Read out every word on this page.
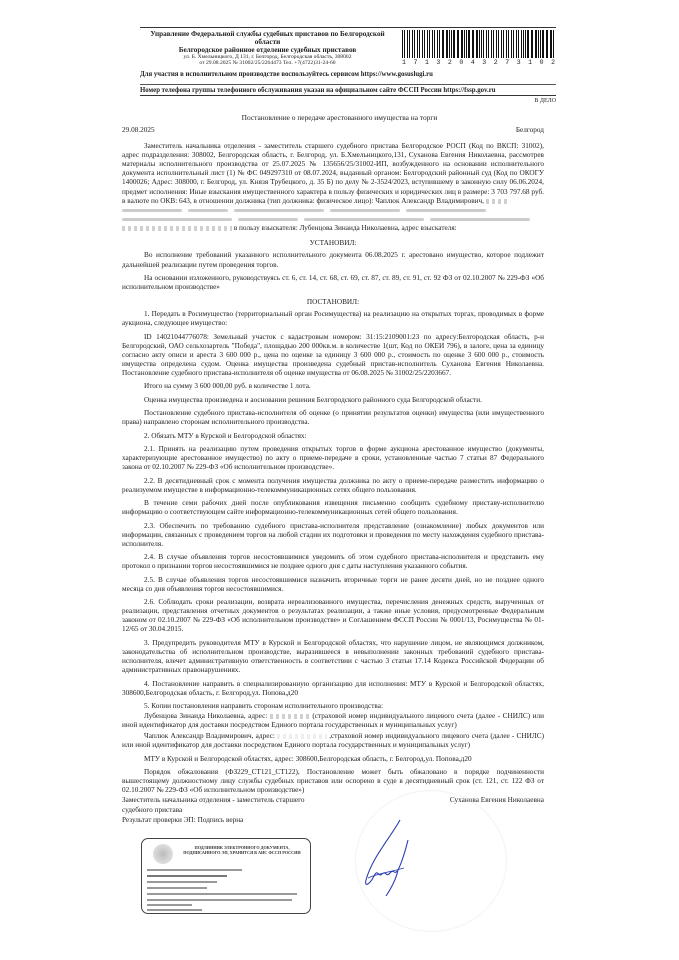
Управление Федеральной службы судебных приставов по Белгородской
области
Белгородское районное отделение судебных приставов
ул. Б. Хмельницкого, Д 131, г. Белгород, Белгородская область, 308002
от 29.08.2025 № 31002/25/2264473 Тел. +7(4722)31-24-60	1 7 1 3 2 0 4 3 2 7 3 1 0 2
Для участия в исполнительном производстве воспользуйтесь сервисом https://www.gosuslugi.ru
Номер телефона группы телефонного обслуживания указан на официальном сайте ФССП России https://fssp.gov.ru
В ДЕЛО
Постановление о передаче арестованного имущества на торги
29.08.2025	Белгород

Заместитель начальника отделения - заместитель старшего судебного пристава Белгородское РОСП (Код по ВКСП: 31002), адрес подразделения: 308002, Белгородская область, г. Белгород, ул. Б.Хмельницкого,131, Суханова Евгения Николаевна, рассмотрев материалы исполнительного производства от 25.07.2025 № 135656/25/31002-ИП, возбужденного на основании исполнительного документа исполнительный лист (1) № ФС 049297310 от 08.07.2024, выданный органом: Белгородский районный суд (Код по ОКОГУ 1400026; Адрес: 308000, г. Белгород, ул. Князя Трубецкого, д. 35 Б) по делу № 2-3524/2023, вступившему в законную силу 06.06.2024, предмет исполнения: Иные взыскания имущественного характера в пользу физических и юридических лиц в размере: 3 703 797.68 руб. в валюте по ОКВ: 643, в отношении должника (тип должника: физическое лицо): Чаплюк Александр Владимирович,

в пользу взыскателя: Лубенцова Зинаида Николаевна, адрес взыскателя:

УСТАНОВИЛ:

Во исполнение требований указанного исполнительного документа 06.08.2025 г. арестовано имущество, которое подлежит дальнейшей реализации путем проведения торгов.

На основании изложенного, руководствуясь ст. 6, ст. 14, ст. 68, ст. 69, ст. 87, ст. 89, ст. 91, ст. 92 ФЗ от 02.10.2007 № 229-ФЗ «Об исполнительном производстве»

ПОСТАНОВИЛ:

1. Передать в Росимущество (территориальный орган Росимущества) на реализацию на открытых торгах, проводимых в форме аукциона, следующее имущество:

ID 14021044776078: Земельный участок с кадастровым номером: 31:15:2109001:23 по адресу:Белгородская область, р-н Белгородский, ОАО сельхозартель "Победа", площадью 200 000кв.м. в количестве 1(шт, Код по ОКЕИ 796), в залоге, цена за единицу согласно акту описи и ареста 3 600 000 р., цена по оценке за единицу 3 600 000 р., стоимость по оценке 3 600 000 р., стоимость имущества определена судом. Оценка имущества произведена судебный пристав-исполнитель Суханова Евгения Николаевна. Постановление судебного пристава-исполнителя об оценке имущества от 06.08.2025 № 31002/25/2203667.

Итого на сумму 3 600 000,00 руб. в количестве 1 лота.

Оценка имущества произведена и аосновании решения Белгородского районного суда Белгородской области.

Постановление судебного пристава-исполнителя об оценке (о принятии результатов оценки) имущества (или имущественного права) направлено сторонам исполнительного производства.

2. Обязать МТУ в Курской и Белгородской областях:

2.1. Принять на реализацию путем проведения открытых торгов в форме аукциона арестованное имущество (документы, характеризующие арестованное имущество) по акту о приеме-передаче в сроки, установленные частью 7 статьи 87 Федерального закона от 02.10.2007 № 229-ФЗ «Об исполнительном производстве».

2.2. В десятидневный срок с момента получения имущества должника по акту о приеме-передаче разместить информацию о реализуемом имуществе в информационно-телекоммуникационных сетях общего пользования.

В течение семи рабочих дней после опубликования извещения письменно сообщить судебному приставу-исполнителю информацию о соответствующем сайте информационно-телекоммуникационных сетей общего пользования.

2.3. Обеспечить по требованию судебного пристава-исполнителя представление (ознакомление) любых документов или информации, связанных с проведением торгов на любой стадии их подготовки и проведения по месту нахождения судебного пристава-исполнителя.

2.4. В случае объявления торгов несостоявшимися уведомить об этом судебного пристава-исполнителя и представить ему протокол о признании торгов несостоявшимися не позднее одного дня с даты наступления указанного события.

2.5. В случае объявления торгов несостоявшимися назначить вторичные торги не ранее десяти дней, но не позднее одного месяца со дня объявления торгов несостоявшимися.

2.6. Соблюдать сроки реализации, возврата нереализованного имущества, перечисления денежных средств, вырученных от реализации, представления отчетных документов о результатах реализации, а также иные условия, предусмотренные Федеральным законом от 02.10.2007 № 229-ФЗ «Об исполнительном производстве» и Соглашением ФССП России № 0001/13, Росимущества № 01-12/65 от 30.04.2015.

3. Предупредить руководителя МТУ в Курской и Белгородской областях, что нарушение лицом, не являющимся должником, законодательства об исполнительном производстве, выразившееся в невыполнении законных требований судебного пристава-исполнителя, влечет административную ответственность в соответствии с частью 3 статьи 17.14 Кодекса Российской Федерации об административных правонарушениях.

4. Постановление направить в специализированную организацию для исполнения: МТУ в Курской и Белгородской областях, 308600,Белгородская область, г. Белгород,ул. Попова,д20

5. Копии постановления направить сторонам исполнительного производства:

Лубенцова Зинаида Николаевна, адрес:	(страховой номер индивидуального лицевого счета (далее - СНИЛС) или иной идентификатор для доставки посредством Единого портала государственных и муниципальных услуг)

Чаплюк Александр Владимирович, адрес:	,страховой номер индивидуального лицевого счета (далее - СНИЛС) или иной идентификатор для доставки посредством Единого портала государственных и муниципальных услуг)

МТУ в Курской и Белгородской областях, адрес: 308600,Белгородская область, г. Белгород,ул. Попова,д20

Порядок обжалования (ФЗ229_СТ121_СТ122), Постановление может быть обжаловано в порядке подчиненности вышестоящему должностному лицу службы судебных приставов или оспорено в суде в десятидневный срок (ст. 121, ст. 122 ФЗ от 02.10.2007 № 229-ФЗ «Об исполнительном производстве»)

Заместитель начальника отделения - заместитель старшего судебного пристава
Суханова Евгения Николаевна
Результат проверки ЭП: Подпись верна
ПОДЛИННИК ЭЛЕКТРОННОГО ДОКУМЕНТА, ПОДПИСАННОГО ЭП, ХРАНИТСЯ В АИС ФССП РОССИИ
